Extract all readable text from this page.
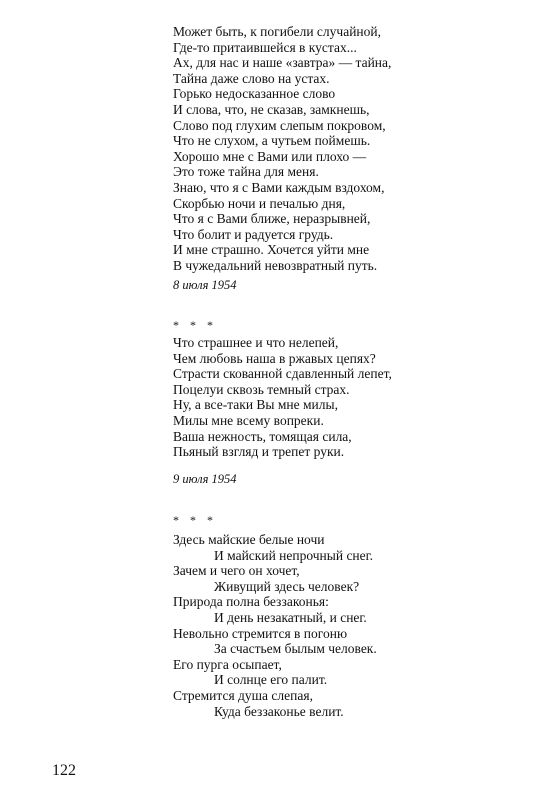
Может быть, к погибели случайной,
Где-то притаившейся в кустах...
Ах, для нас и наше «завтра» — тайна,
Тайна даже слово на устах.
Горько недосказанное слово
И слова, что, не сказав, замкнешь,
Слово под глухим слепым покровом,
Что не слухом, а чутьем поймешь.
Хорошо мне с Вами или плохо —
Это тоже тайна для меня.
Знаю, что я с Вами каждым вздохом,
Скорбью ночи и печалью дня,
Что я с Вами ближе, неразрывней,
Что болит и радуется грудь.
И мне страшно. Хочется уйти мне
В чужедальний невозвратный путь.
8 июля 1954
* * *
Что страшнее и что нелепей,
Чем любовь наша в ржавых цепях?
Страсти скованной сдавленный лепет,
Поцелуи сквозь темный страх.
Ну, а все-таки Вы мне милы,
Милы мне всему вопреки.
Ваша нежность, томящая сила,
Пьяный взгляд и трепет руки.
9 июля 1954
* * *
Здесь майские белые ночи
И майский непрочный снег.
Зачем и чего он хочет,
Живущий здесь человек?
Природа полна беззаконья:
И день незакатный, и снег.
Невольно стремится в погоню
За счастьем былым человек.
Его пурга осыпает,
И солнце его палит.
Стремится душа слепая,
Куда беззаконье велит.
122
